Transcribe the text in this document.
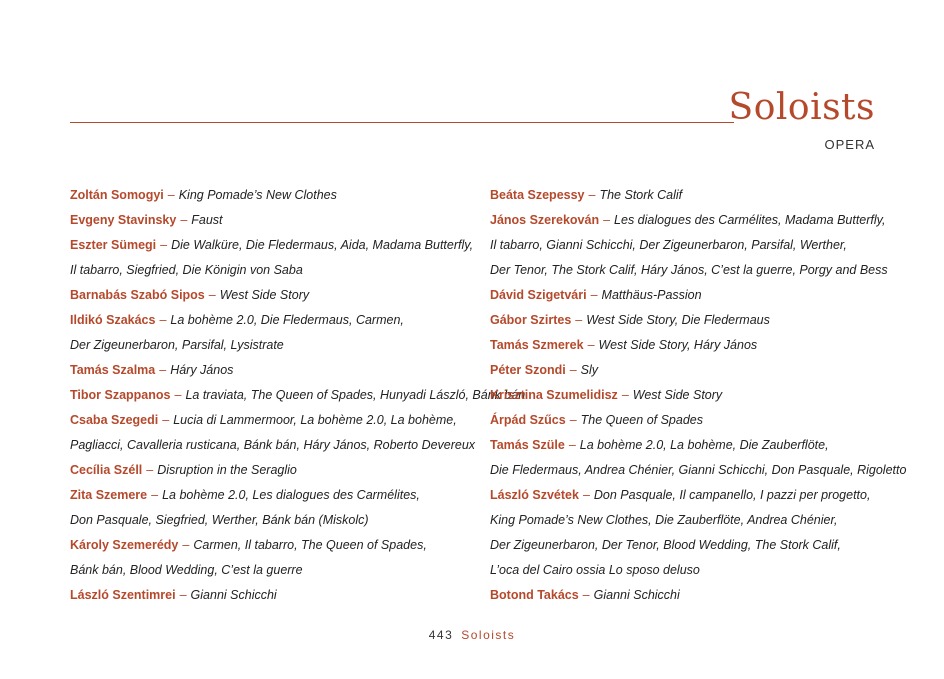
Soloists
OPERA
Zoltán Somogyi – King Pomade’s New Clothes
Evgeny Stavinsky – Faust
Eszter Sümegi – Die Walküre, Die Fledermaus, Aida, Madama Butterfly,
Il tabarro, Siegfried, Die Königin von Saba
Barnabás Szabó Sipos – West Side Story
Ildikó Szakács – La bohème 2.0, Die Fledermaus, Carmen,
Der Zigeunerbaron, Parsifal, Lysistrate
Tamás Szalma – Háry János
Tibor Szappanos – La traviata, The Queen of Spades, Hunyadi László, Bánk bán
Csaba Szegedi – Lucia di Lammermoor, La bohème 2.0, La bohème,
Pagliacci, Cavalleria rusticana, Bánk bán, Háry János, Roberto Devereux
Cecília Széll – Disruption in the Seraglio
Zita Szemere – La bohème 2.0, Les dialogues des Carmélites,
Don Pasquale, Siegfried, Werther, Bánk bán (Miskolc)
Károly Szemerédy – Carmen, Il tabarro, The Queen of Spades,
Bánk bán, Blood Wedding, C’est la guerre
László Szentimrei – Gianni Schicchi
Beáta Szepessy – The Stork Calif
János Szerekován – Les dialogues des Carmélites, Madama Butterfly,
Il tabarro, Gianni Schicchi, Der Zigeunerbaron, Parsifal, Werther,
Der Tenor, The Stork Calif, Háry János, C’est la guerre, Porgy and Bess
Dávid Szigetvári – Matthäus-Passion
Gábor Szirtes – West Side Story, Die Fledermaus
Tamás Szmerek – West Side Story, Háry János
Péter Szondi – Sly
Krisztina Szumelidisz – West Side Story
Árpád Szűcs – The Queen of Spades
Tamás Szüle – La bohème 2.0, La bohème, Die Zauberflöte,
Die Fledermaus, Andrea Chénier, Gianni Schicchi, Don Pasquale, Rigoletto
László Szvétek – Don Pasquale, Il campanello, I pazzi per progetto,
King Pomade’s New Clothes, Die Zauberflöte, Andrea Chénier,
Der Zigeunerbaron, Der Tenor, Blood Wedding, The Stork Calif,
L’oca del Cairo ossia Lo sposo deluso
Botond Takács – Gianni Schicchi
443 Soloists
